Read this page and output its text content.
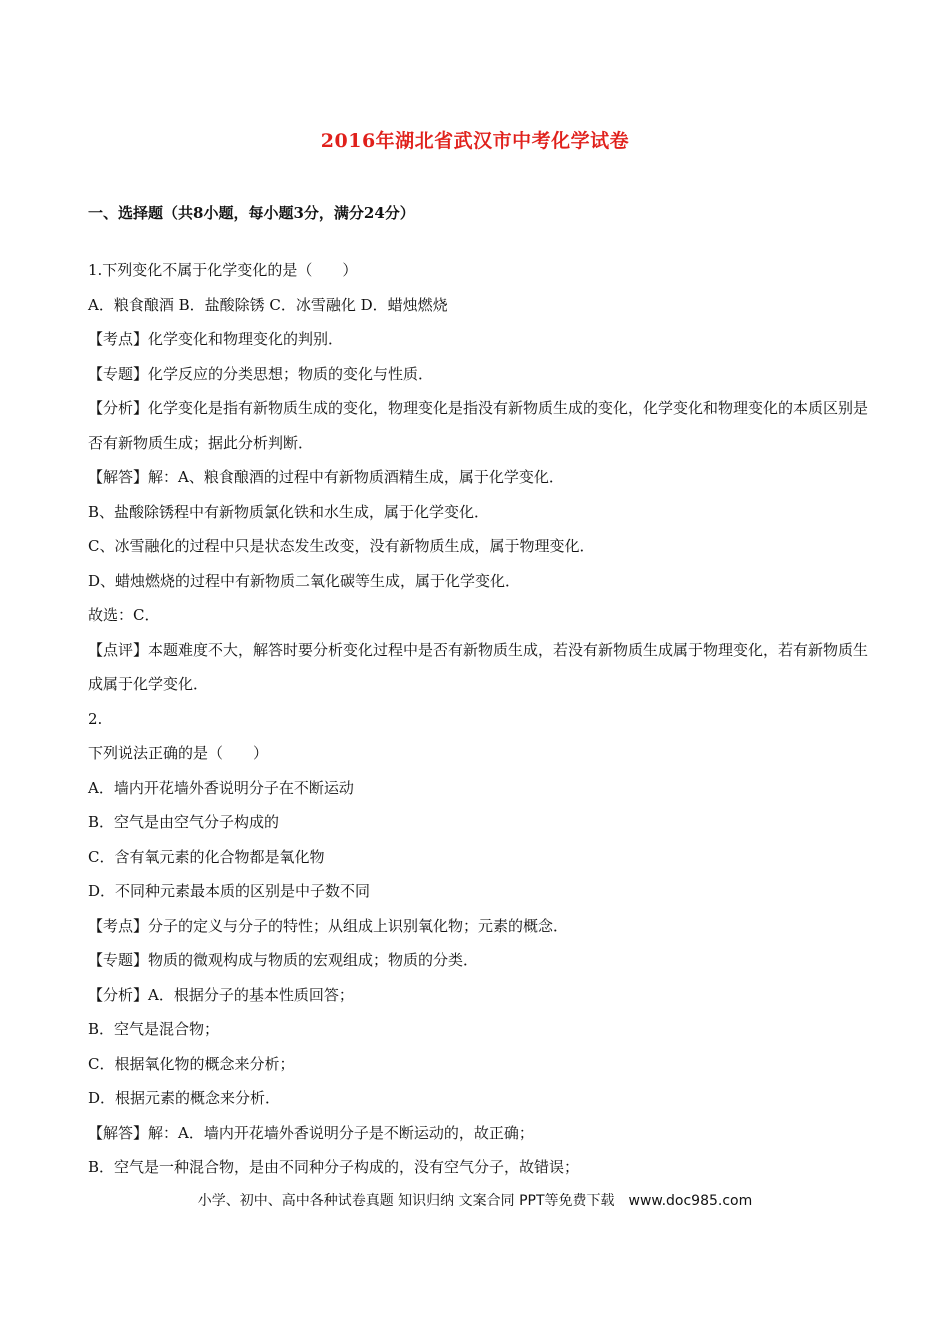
2016年湖北省武汉市中考化学试卷
一、选择题（共8小题，每小题3分，满分24分）
1.下列变化不属于化学变化的是（　　）
A．粮食酿酒 B．盐酸除锈 C．冰雪融化 D．蜡烛燃烧
【考点】化学变化和物理变化的判别．
【专题】化学反应的分类思想；物质的变化与性质．
【分析】化学变化是指有新物质生成的变化，物理变化是指没有新物质生成的变化，化学变化和物理变化的本质区别是否有新物质生成；据此分析判断．
【解答】解：A、粮食酿酒的过程中有新物质酒精生成，属于化学变化．
B、盐酸除锈程中有新物质氯化铁和水生成，属于化学变化．
C、冰雪融化的过程中只是状态发生改变，没有新物质生成，属于物理变化．
D、蜡烛燃烧的过程中有新物质二氧化碳等生成，属于化学变化．
故选：C．
【点评】本题难度不大，解答时要分析变化过程中是否有新物质生成，若没有新物质生成属于物理变化，若有新物质生成属于化学变化．
2.
下列说法正确的是（　　）
A．墙内开花墙外香说明分子在不断运动
B．空气是由空气分子构成的
C．含有氧元素的化合物都是氧化物
D．不同种元素最本质的区别是中子数不同
【考点】分子的定义与分子的特性；从组成上识别氧化物；元素的概念．
【专题】物质的微观构成与物质的宏观组成；物质的分类．
【分析】A．根据分子的基本性质回答；
B．空气是混合物；
C．根据氧化物的概念来分析；
D．根据元素的概念来分析．
【解答】解：A．墙内开花墙外香说明分子是不断运动的，故正确；
B．空气是一种混合物，是由不同种分子构成的，没有空气分子，故错误；
小学、初中、高中各种试卷真题 知识归纳 文案合同 PPT等免费下载　www.doc985.com
